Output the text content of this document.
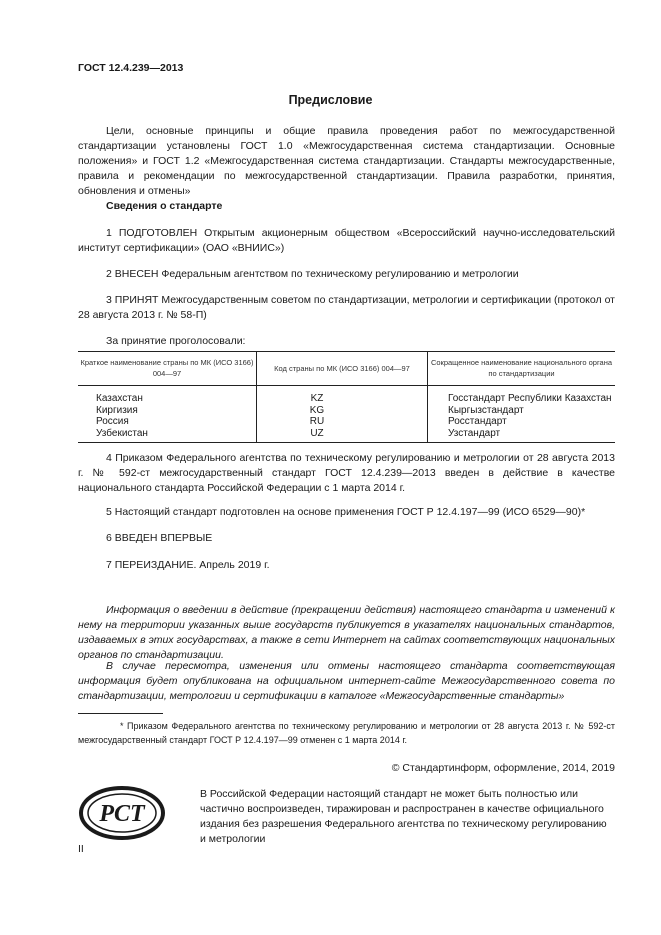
ГОСТ 12.4.239—2013
Предисловие

Цели, основные принципы и общие правила проведения работ по межгосударственной стандартизации установлены ГОСТ 1.0 «Межгосударственная система стандартизации. Основные положения» и ГОСТ 1.2 «Межгосударственная система стандартизации. Стандарты межгосударственные, правила и рекомендации по межгосударственной стандартизации. Правила разработки, принятия, обновления и отмены»

Сведения о стандарте

1 ПОДГОТОВЛЕН Открытым акционерным обществом «Всероссийский научно-исследовательский институт сертификации» (ОАО «ВНИИС»)

2 ВНЕСЕН Федеральным агентством по техническому регулированию и метрологии

3 ПРИНЯТ Межгосударственным советом по стандартизации, метрологии и сертификации (протокол от 28 августа 2013 г. № 58-П)

За принятие проголосовали:

Краткое наименование страны по МК (ИСО 3166) 004—97	Код страны по МК (ИСО 3166) 004—97	Сокращенное наименование национального органа по стандартизации
Казахстан	KZ	Госстандарт Республики Казахстан
Киргизия	KG	Кыргызстандарт
Россия	RU	Росстандарт
Узбекистан	UZ	Узстандарт

4 Приказом Федерального агентства по техническому регулированию и метрологии от 28 августа 2013 г. № 592-ст межгосударственный стандарт ГОСТ 12.4.239—2013 введен в действие в качестве национального стандарта Российской Федерации с 1 марта 2014 г.

5 Настоящий стандарт подготовлен на основе применения ГОСТ Р 12.4.197—99 (ИСО 6529—90)*

6 ВВЕДЕН ВПЕРВЫЕ

7 ПЕРЕИЗДАНИЕ. Апрель 2019 г.

Информация о введении в действие (прекращении действия) настоящего стандарта и изменений к нему на территории указанных выше государств публикуется в указателях национальных стандартов, издаваемых в этих государствах, а также в сети Интернет на сайтах соответствующих национальных органов по стандартизации.

В случае пересмотра, изменения или отмены настоящего стандарта соответствующая информация будет опубликована на официальном интернет-сайте Межгосударственного совета по стандартизации, метрологии и сертификации в каталоге «Межгосударственные стандарты»

* Приказом Федерального агентства по техническому регулированию и метрологии от 28 августа 2013 г. № 592-ст межгосударственный стандарт ГОСТ Р 12.4.197—99 отменен с 1 марта 2014 г.

© Стандартинформ, оформление, 2014, 2019
РСТ

В Российской Федерации настоящий стандарт не может быть полностью или частично воспроизведен, тиражирован и распространен в качестве официального издания без разрешения Федерального агентства по техническому регулированию и метрологии

II
